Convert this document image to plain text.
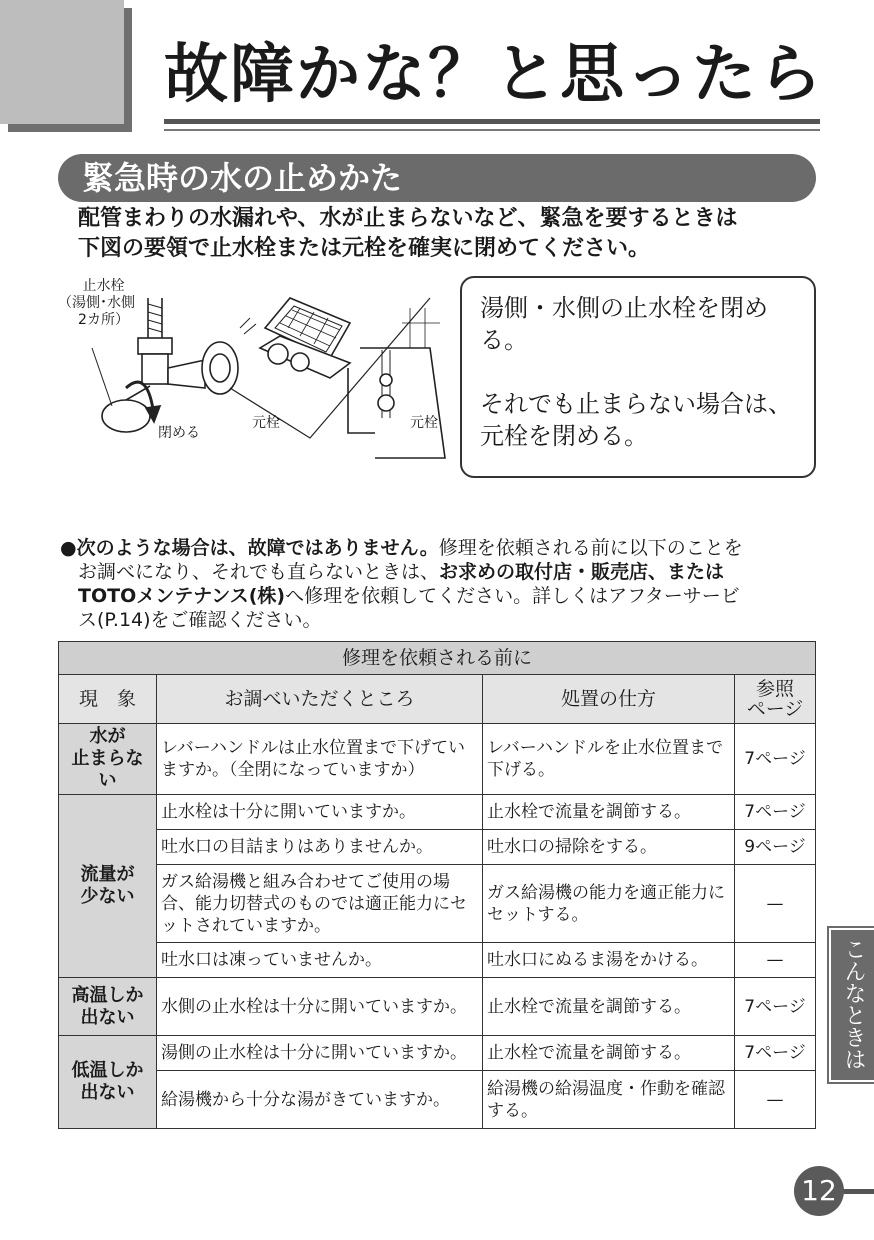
故障かな？と思ったら
緊急時の水の止めかた
配管まわりの水漏れや、水が止まらないなど、緊急を要するときは
下図の要領で止水栓または元栓を確実に閉めてください。
止水栓
（湯側･水側
2カ所）
閉める
元栓	元栓
湯側・水側の止水栓を閉め
る。
それでも止まらない場合は、
元栓を閉める。
●次のような場合は、故障ではありません。修理を依頼される前に以下のことを
お調べになり、それでも直らないときは、お求めの取付店・販売店、または
TOTOメンテナンス(株)へ修理を依頼してください。詳しくはアフターサービ
ス(P.14)をご確認ください。
修理を依頼される前に			
現　象	お調べいただくところ	処置の仕方	参照
ページ

水が
止まらない	レバーハンドルは止水位置まで下げていますか。（全閉になっていますか）	レバーハンドルを止水位置まで下げる。	7ページ

流量が
少ない	止水栓は十分に開いていますか。	止水栓で流量を調節する。	7ページ
	吐水口の目詰まりはありませんか。	吐水口の掃除をする。	9ページ
	ガス給湯機と組み合わせてご使用の場合、能力切替式のものでは適正能力にセットされていますか。	ガス給湯機の能力を適正能力にセットする。	—
	吐水口は凍っていませんか。	吐水口にぬるま湯をかける。	—

高温しか
出ない	水側の止水栓は十分に開いていますか。	止水栓で流量を調節する。	7ページ

低温しか
出ない	湯側の止水栓は十分に開いていますか。	止水栓で流量を調節する。	7ページ
	給湯機から十分な湯がきていますか。	給湯機の給湯温度・作動を確認する。	—
こんなときは
12
